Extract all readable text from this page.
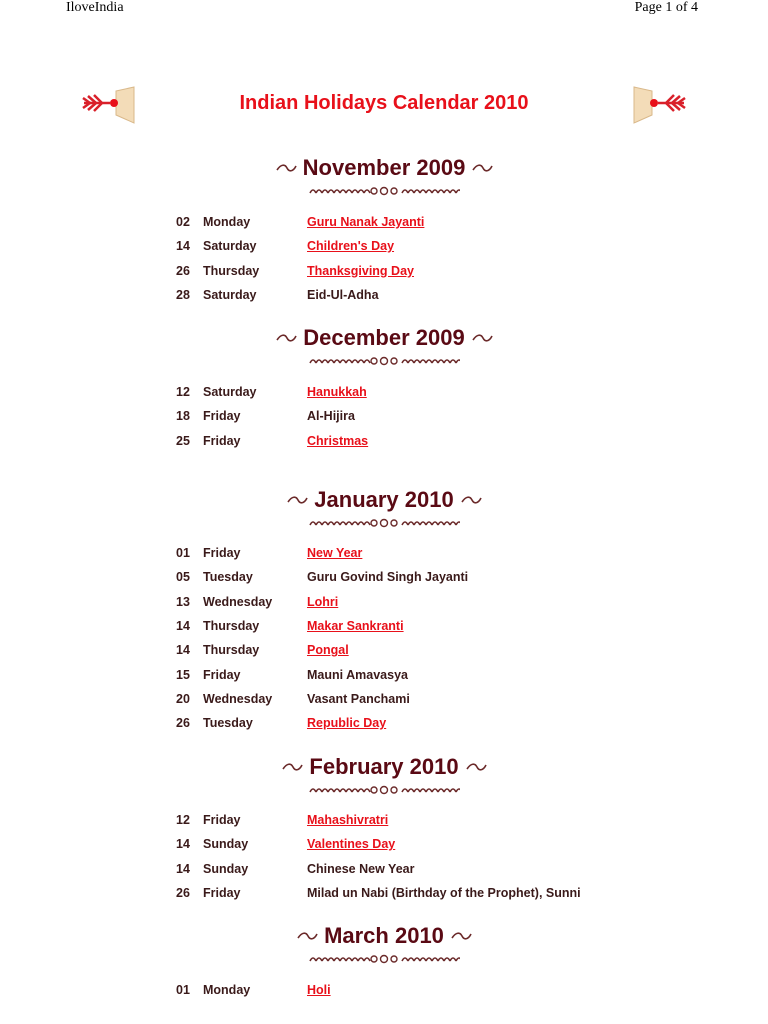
IloveIndia	Page 1 of 4
Indian Holidays Calendar 2010
November 2009
02	Monday	Guru Nanak Jayanti
14	Saturday	Children's Day
26	Thursday	Thanksgiving Day
28	Saturday	Eid-Ul-Adha
December 2009
12	Saturday	Hanukkah
18	Friday	Al-Hijira
25	Friday	Christmas
January 2010
01	Friday	New Year
05	Tuesday	Guru Govind Singh Jayanti
13	Wednesday	Lohri
14	Thursday	Makar Sankranti
14	Thursday	Pongal
15	Friday	Mauni Amavasya
20	Wednesday	Vasant Panchami
26	Tuesday	Republic Day
February 2010
12	Friday	Mahashivratri
14	Sunday	Valentines Day
14	Sunday	Chinese New Year
26	Friday	Milad un Nabi (Birthday of the Prophet), Sunni
March 2010
01	Monday	Holi
